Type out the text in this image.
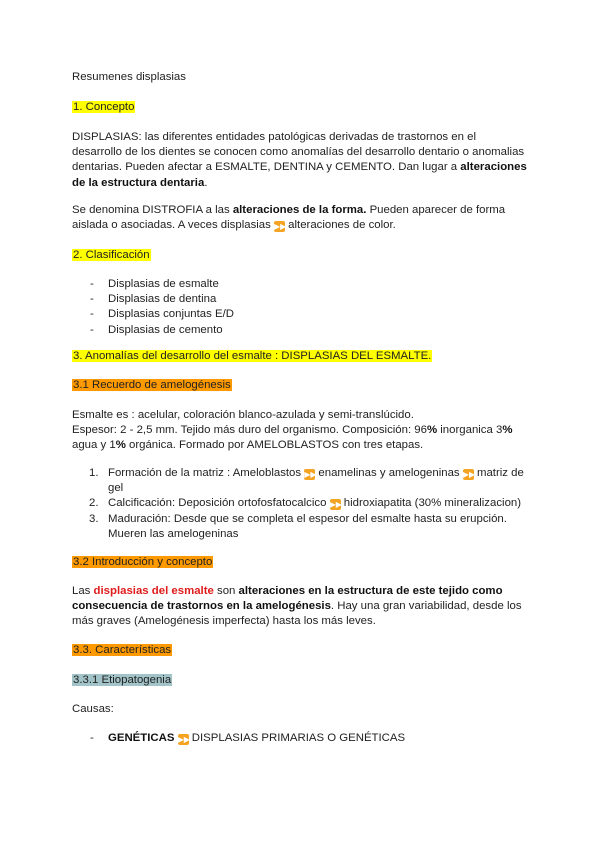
Resumenes displasias
1. Concepto
DISPLASIAS: las diferentes entidades patológicas derivadas de trastornos en el desarrollo de los dientes se conocen como anomalías del desarrollo dentario o anomalias dentarias. Pueden afectar a ESMALTE, DENTINA y CEMENTO. Dan lugar a alteraciones de la estructura dentaria.
Se denomina DISTROFIA a las alteraciones de la forma. Pueden aparecer de forma aislada o asociadas. A veces displasias ▶▶ alteraciones de color.
2. Clasificación
- Displasias de esmalte
- Displasias de dentina
- Displasias conjuntas E/D
- Displasias de cemento
3. Anomalías del desarrollo del esmalte : DISPLASIAS DEL ESMALTE.
3.1 Recuerdo de amelogénesis
Esmalte es : acelular, coloración blanco-azulada y semi-translúcido.
Espesor: 2 - 2,5 mm. Tejido más duro del organismo. Composición: 96% inorganica 3% agua y 1% orgánica. Formado por AMELOBLASTOS con tres etapas.
1. Formación de la matriz : Ameloblastos ▶▶ enamelinas y amelogeninas ▶▶ matriz de gel
2. Calcificación: Deposición ortofosfatocalcico ▶▶ hidroxiapatita (30% mineralizacion)
3. Maduración: Desde que se completa el espesor del esmalte hasta su erupción. Mueren las amelogeninas
3.2 Introducción y concepto
Las displasias del esmalte son alteraciones en la estructura de este tejido como consecuencia de trastornos en la amelogénesis. Hay una gran variabilidad, desde los más graves (Amelogénesis imperfecta) hasta los más leves.
3.3. Características
3.3.1 Etiopatogenia
Causas:
- GENÉTICAS ▶▶ DISPLASIAS PRIMARIAS O GENÉTICAS
